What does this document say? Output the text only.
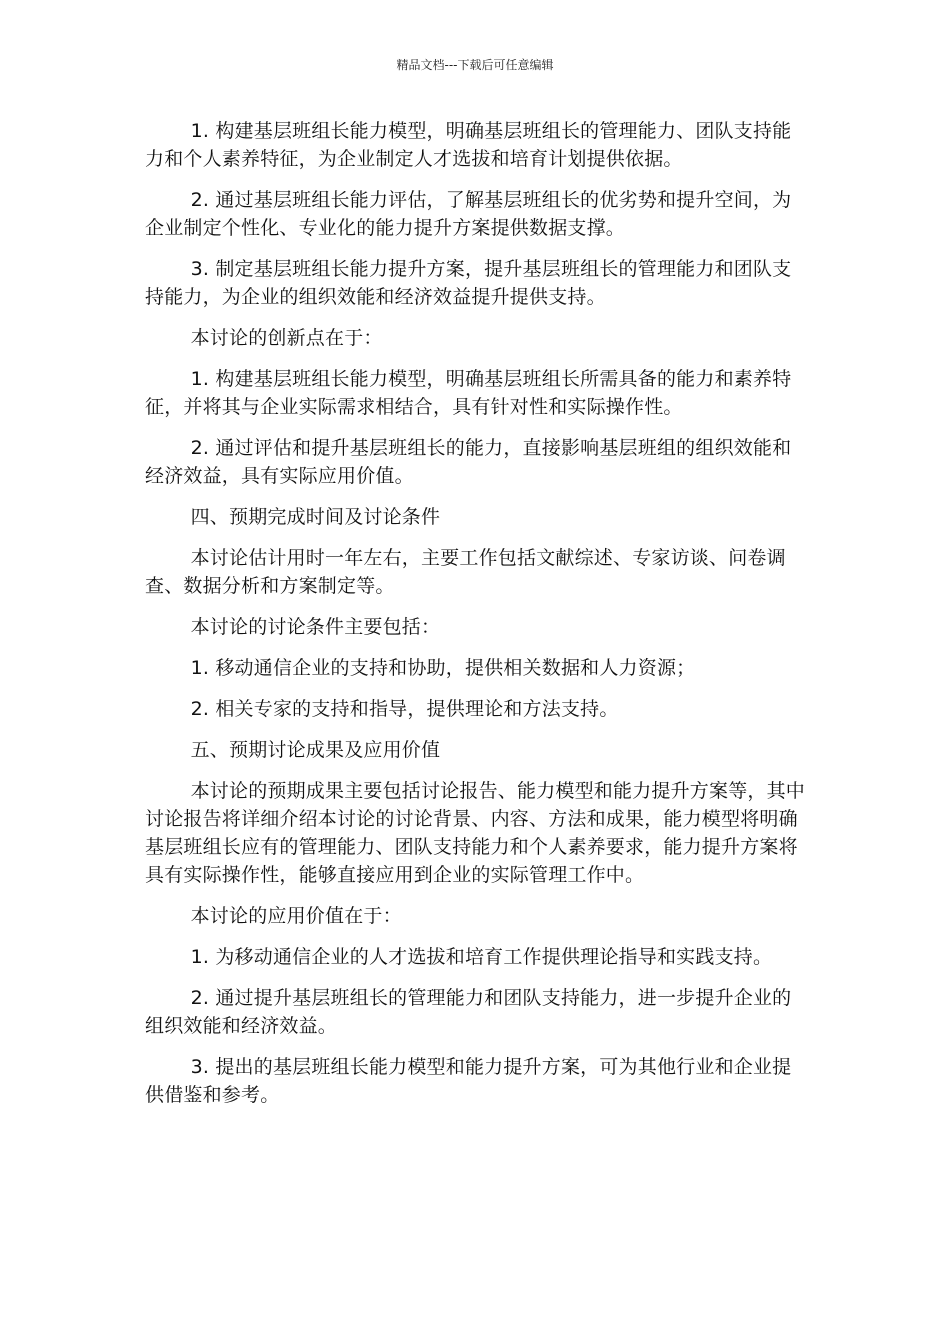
精品文档---下载后可任意编辑

1. 构建基层班组长能力模型，明确基层班组长的管理能力、团队支持能力和个人素养特征，为企业制定人才选拔和培育计划提供依据。

2. 通过基层班组长能力评估，了解基层班组长的优劣势和提升空间，为企业制定个性化、专业化的能力提升方案提供数据支撑。

3. 制定基层班组长能力提升方案，提升基层班组长的管理能力和团队支持能力，为企业的组织效能和经济效益提升提供支持。

本讨论的创新点在于：

1. 构建基层班组长能力模型，明确基层班组长所需具备的能力和素养特征，并将其与企业实际需求相结合，具有针对性和实际操作性。

2. 通过评估和提升基层班组长的能力，直接影响基层班组的组织效能和经济效益，具有实际应用价值。

四、预期完成时间及讨论条件

本讨论估计用时一年左右，主要工作包括文献综述、专家访谈、问卷调查、数据分析和方案制定等。

本讨论的讨论条件主要包括：

1. 移动通信企业的支持和协助，提供相关数据和人力资源；

2. 相关专家的支持和指导，提供理论和方法支持。

五、预期讨论成果及应用价值

本讨论的预期成果主要包括讨论报告、能力模型和能力提升方案等，其中讨论报告将详细介绍本讨论的讨论背景、内容、方法和成果，能力模型将明确基层班组长应有的管理能力、团队支持能力和个人素养要求，能力提升方案将具有实际操作性，能够直接应用到企业的实际管理工作中。

本讨论的应用价值在于：

1. 为移动通信企业的人才选拔和培育工作提供理论指导和实践支持。

2. 通过提升基层班组长的管理能力和团队支持能力，进一步提升企业的组织效能和经济效益。

3. 提出的基层班组长能力模型和能力提升方案，可为其他行业和企业提供借鉴和参考。
